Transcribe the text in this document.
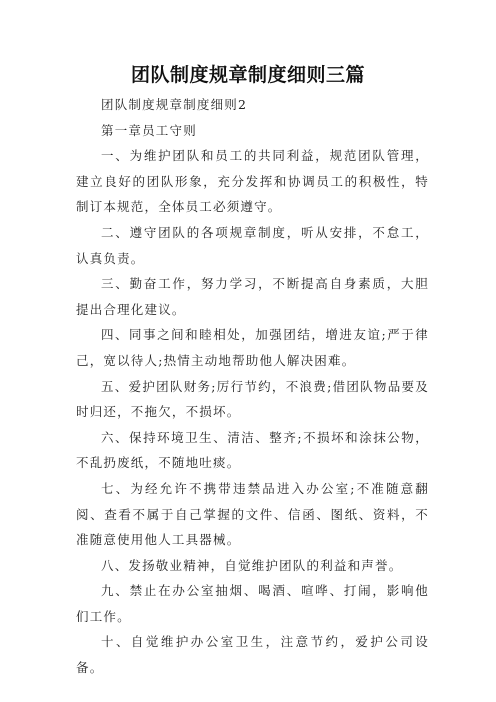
团队制度规章制度细则三篇

团队制度规章制度细则2

第一章员工守则

一、为维护团队和员工的共同利益，规范团队管理，建立良好的团队形象，充分发挥和协调员工的积极性，特制订本规范，全体员工必须遵守。

二、遵守团队的各项规章制度，听从安排，不怠工，认真负责。

三、勤奋工作，努力学习，不断提高自身素质，大胆提出合理化建议。

四、同事之间和睦相处，加强团结，增进友谊;严于律己，宽以待人;热情主动地帮助他人解决困难。

五、爱护团队财务;厉行节约，不浪费;借团队物品要及时归还，不拖欠，不损坏。

六、保持环境卫生、清洁、整齐;不损坏和涂抹公物，不乱扔废纸，不随地吐痰。

七、为经允许不携带违禁品进入办公室;不准随意翻阅、查看不属于自己掌握的文件、信函、图纸、资料，不准随意使用他人工具器械。

八、发扬敬业精神，自觉维护团队的利益和声誉。

九、禁止在办公室抽烟、喝酒、喧哗、打闹，影响他们工作。

十、自觉维护办公室卫生，注意节约，爱护公司设备。
